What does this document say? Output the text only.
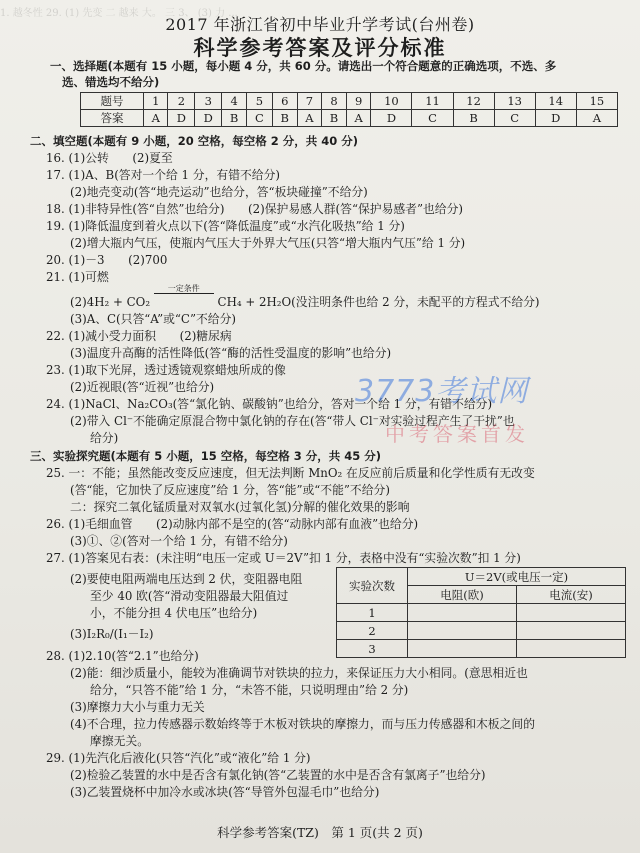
1. 越冬性 29. (1) 先变 二 越来 大。 三 3、 (3) 力 ...
2017 年浙江省初中毕业升学考试(台州卷)
科学参考答案及评分标准
一、选择题(本题有 15 小题，每小题 4 分，共 60 分。请选出一个符合题意的正确选项，不选、多
选、错选均不给分)
题号	1	2	3	4	5	6	7	8	9	10	11	12	13	14	15
答案	A	D	D	B	C	B	A	B	A	D	C	B	C	D	A
二、填空题(本题有 9 小题，20 空格，每空格 2 分，共 40 分)
16. (1)公转　　(2)夏至
17. (1)A、B(答对一个给 1 分，有错不给分)
(2)地壳变动(答“地壳运动”也给分，答“板块碰撞”不给分)
18. (1)非特异性(答“自然”也给分)　　(2)保护易感人群(答“保护易感者”也给分)
19. (1)降低温度到着火点以下(答“降低温度”或“水汽化吸热”给 1 分)
(2)增大瓶内气压，使瓶内气压大于外界大气压(只答“增大瓶内气压”给 1 分)
20. (1)－3　　(2)700
21. (1)可燃
(2)4H₂ + CO₂
一定条件
CH₄ + 2H₂O(没注明条件也给 2 分，未配平的方程式不给分)
(3)A、C(只答“A”或“C”不给分)
22. (1)减小受力面积　　(2)糖尿病
(3)温度升高酶的活性降低(答“酶的活性受温度的影响”也给分)
23. (1)取下光屏，透过透镜观察蜡烛所成的像
(2)近视眼(答“近视”也给分)
24. (1)NaCl、Na₂CO₃(答“氯化钠、碳酸钠”也给分，答对一个给 1 分，有错不给分)
(2)带入 Cl⁻不能确定原混合物中氯化钠的存在(答“带人 Cl⁻对实验过程产生了干扰”也
给分)
三、实验探究题(本题有 5 小题，15 空格，每空格 3 分，共 45 分)
25. 一：不能；虽然能改变反应速度，但无法判断 MnO₂ 在反应前后质量和化学性质有无改变
(答“能，它加快了反应速度”给 1 分，答“能”或“不能”不给分)
二：探究二氧化锰质量对双氧水(过氧化氢)分解的催化效果的影响
26. (1)毛细血管　　(2)动脉内部不是空的(答“动脉内部有血液”也给分)
(3)①、②(答对一个给 1 分，有错不给分)
27. (1)答案见右表：(未注明“电压一定或 U＝2V”扣 1 分，表格中没有“实验次数”扣 1 分)
(2)要使电阻两端电压达到 2 伏，变阻器电阻
至少 40 欧(答“滑动变阻器最大阻值过
小，不能分担 4 伏电压”也给分)
(3)I₂R₀/(I₁－I₂)
实验次数	U＝2V(或电压一定)	
	电阻(欧)	电流(安)
1		
2		
3		
28. (1)2.10(答“2.1”也给分)
(2)能：细沙质量小，能较为准确调节对铁块的拉力，来保证压力大小相同。(意思相近也
给分，“只答不能”给 1 分，“未答不能，只说明理由”给 2 分)
(3)摩擦力大小与重力无关
(4)不合理，拉力传感器示数始终等于木板对铁块的摩擦力，而与压力传感器和木板之间的
摩擦无关。
29. (1)先汽化后液化(只答“汽化”或“液化”给 1 分)
(2)检验乙装置的水中是否含有氯化钠(答“乙装置的水中是否含有氯离子”也给分)
(3)乙装置烧杯中加冷水或冰块(答“导管外包湿毛巾”也给分)
3773考试网
中考答案首发
科学参考答案(TZ)　第 1 页(共 2 页)
